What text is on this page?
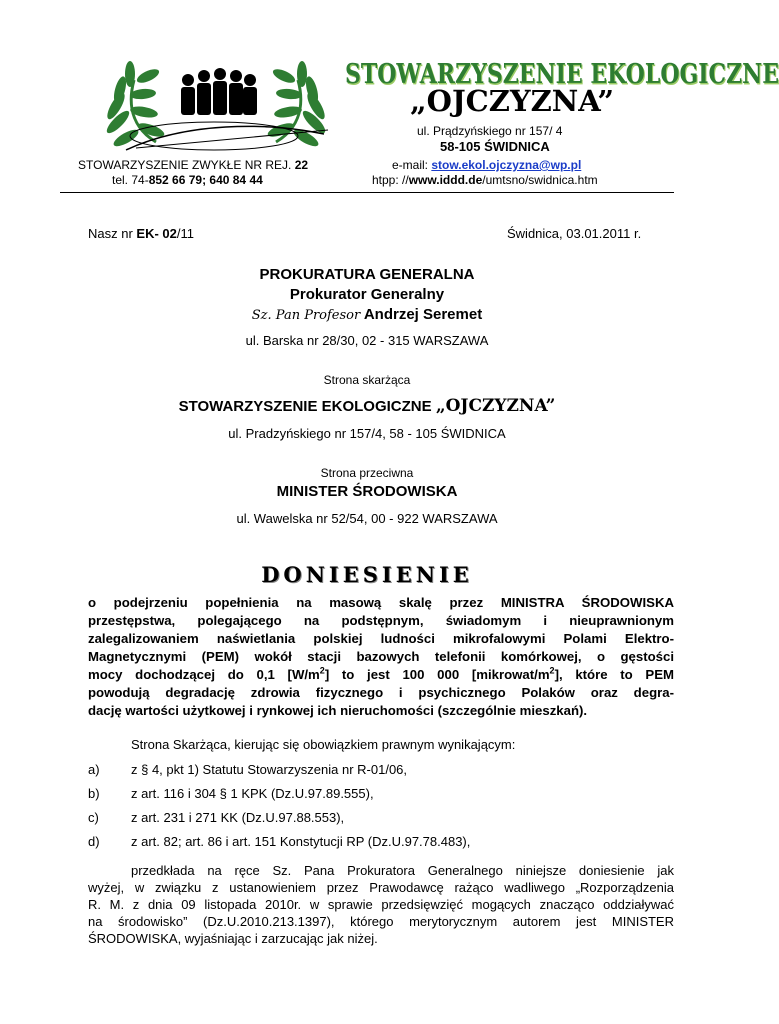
STOWARZYSZENIE EKOLOGICZNE
„OJCZYZNA”
ul. Prądzyńskiego nr 157/ 4
58-105 ŚWIDNICA
STOWARZYSZENIE ZWYKŁE NR REJ. 22
tel. 74-852 66 79; 640 84 44
e-mail: stow.ekol.ojczyzna@wp.pl
htpp: //www.iddd.de/umtsno/swidnica.htm
Nasz nr EK- 02/11	Świdnica, 03.01.2011 r.
PROKURATURA GENERALNA
Prokurator Generalny
Sz. Pan Profesor Andrzej Seremet
ul. Barska nr 28/30, 02 - 315 WARSZAWA
Strona skarżąca
STOWARZYSZENIE EKOLOGICZNE „OJCZYZNA”
ul. Pradzyńskiego nr 157/4, 58 - 105 ŚWIDNICA
Strona przeciwna
MINISTER ŚRODOWISKA
ul. Wawelska nr 52/54, 00 - 922 WARSZAWA
DONIESIENIE
o podejrzeniu popełnienia na masową skalę przez MINISTRA ŚRODOWISKA
przestępstwa, polegającego na podstępnym, świadomym i nieuprawnionym
zalegalizowaniem naświetlania polskiej ludności mikrofalowymi Polami Elektro-
Magnetycznymi (PEM) wokół stacji bazowych telefonii komórkowej, o gęstości
mocy dochodzącej do 0,1 $[W/m^2]$ to jest 100 000 $[mikrowat/m^2]$, które to PEM
powodują degradację zdrowia fizycznego i psychicznego Polaków oraz degra-
dację wartości użytkowej i rynkowej ich nieruchomości (szczególnie mieszkań).
Strona Skarżąca, kierując się obowiązkiem prawnym wynikającym:
a) z § 4, pkt 1) Statutu Stowarzyszenia nr R-01/06,
b) z art. 116 i 304 § 1 KPK (Dz.U.97.89.555),
c) z art. 231 i 271 KK (Dz.U.97.88.553),
d) z art. 82; art. 86 i art. 151 Konstytucji RP (Dz.U.97.78.483),
przedkłada na ręce Sz. Pana Prokuratora Generalnego niniejsze doniesienie jak
wyżej, w związku z ustanowieniem przez Prawodawcę rażąco wadliwego „Rozporządzenia
R. M. z dnia 09 listopada 2010r. w sprawie przedsięwzięć mogących znacząco oddziaływać
na środowisko” (Dz.U.2010.213.1397), którego merytorycznym autorem jest MINISTER
ŚRODOWISKA, wyjaśniając i zarzucając jak niżej.
